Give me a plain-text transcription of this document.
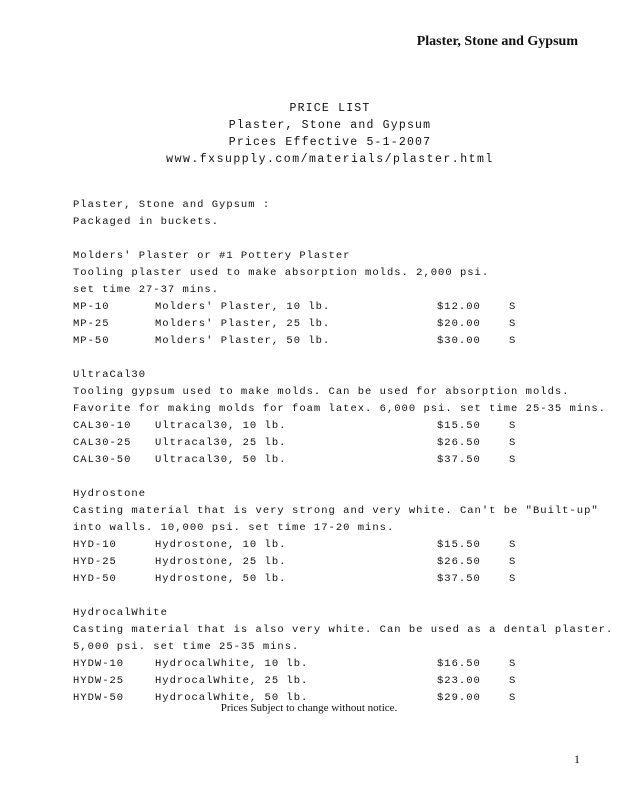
Plaster, Stone and Gypsum
PRICE LIST
Plaster, Stone and Gypsum
Prices Effective 5-1-2007
www.fxsupply.com/materials/plaster.html
Plaster, Stone and Gypsum :
Packaged in buckets.
Molders' Plaster or #1 Pottery Plaster
Tooling plaster used to make absorption molds. 2,000 psi.
set time 27-37 mins.
MP-10	Molders' Plaster, 10 lb.	$12.00	S
MP-25	Molders' Plaster, 25 lb.	$20.00	S
MP-50	Molders' Plaster, 50 lb.	$30.00	S
UltraCal30
Tooling gypsum used to make molds. Can be used for absorption molds.
Favorite for making molds for foam latex. 6,000 psi. set time 25-35 mins.
CAL30-10 Ultracal30, 10 lb.	$15.50	S
CAL30-25 Ultracal30, 25 lb.	$26.50	S
CAL30-50 Ultracal30, 50 lb.	$37.50	S
Hydrostone
Casting material that is very strong and very white. Can't be "Built-up"
into walls. 10,000 psi. set time 17-20 mins.
HYD-10	Hydrostone, 10 lb.	$15.50	S
HYD-25	Hydrostone, 25 lb.	$26.50	S
HYD-50	Hydrostone, 50 lb.	$37.50	S
HydrocalWhite
Casting material that is also very white. Can be used as a dental plaster.
5,000 psi. set time 25-35 mins.
HYDW-10	HydrocalWhite, 10 lb.	$16.50	S
HYDW-25	HydrocalWhite, 25 lb.	$23.00	S
HYDW-50	HydrocalWhite, 50 lb.	$29.00	S
Prices Subject to change without notice.
1
